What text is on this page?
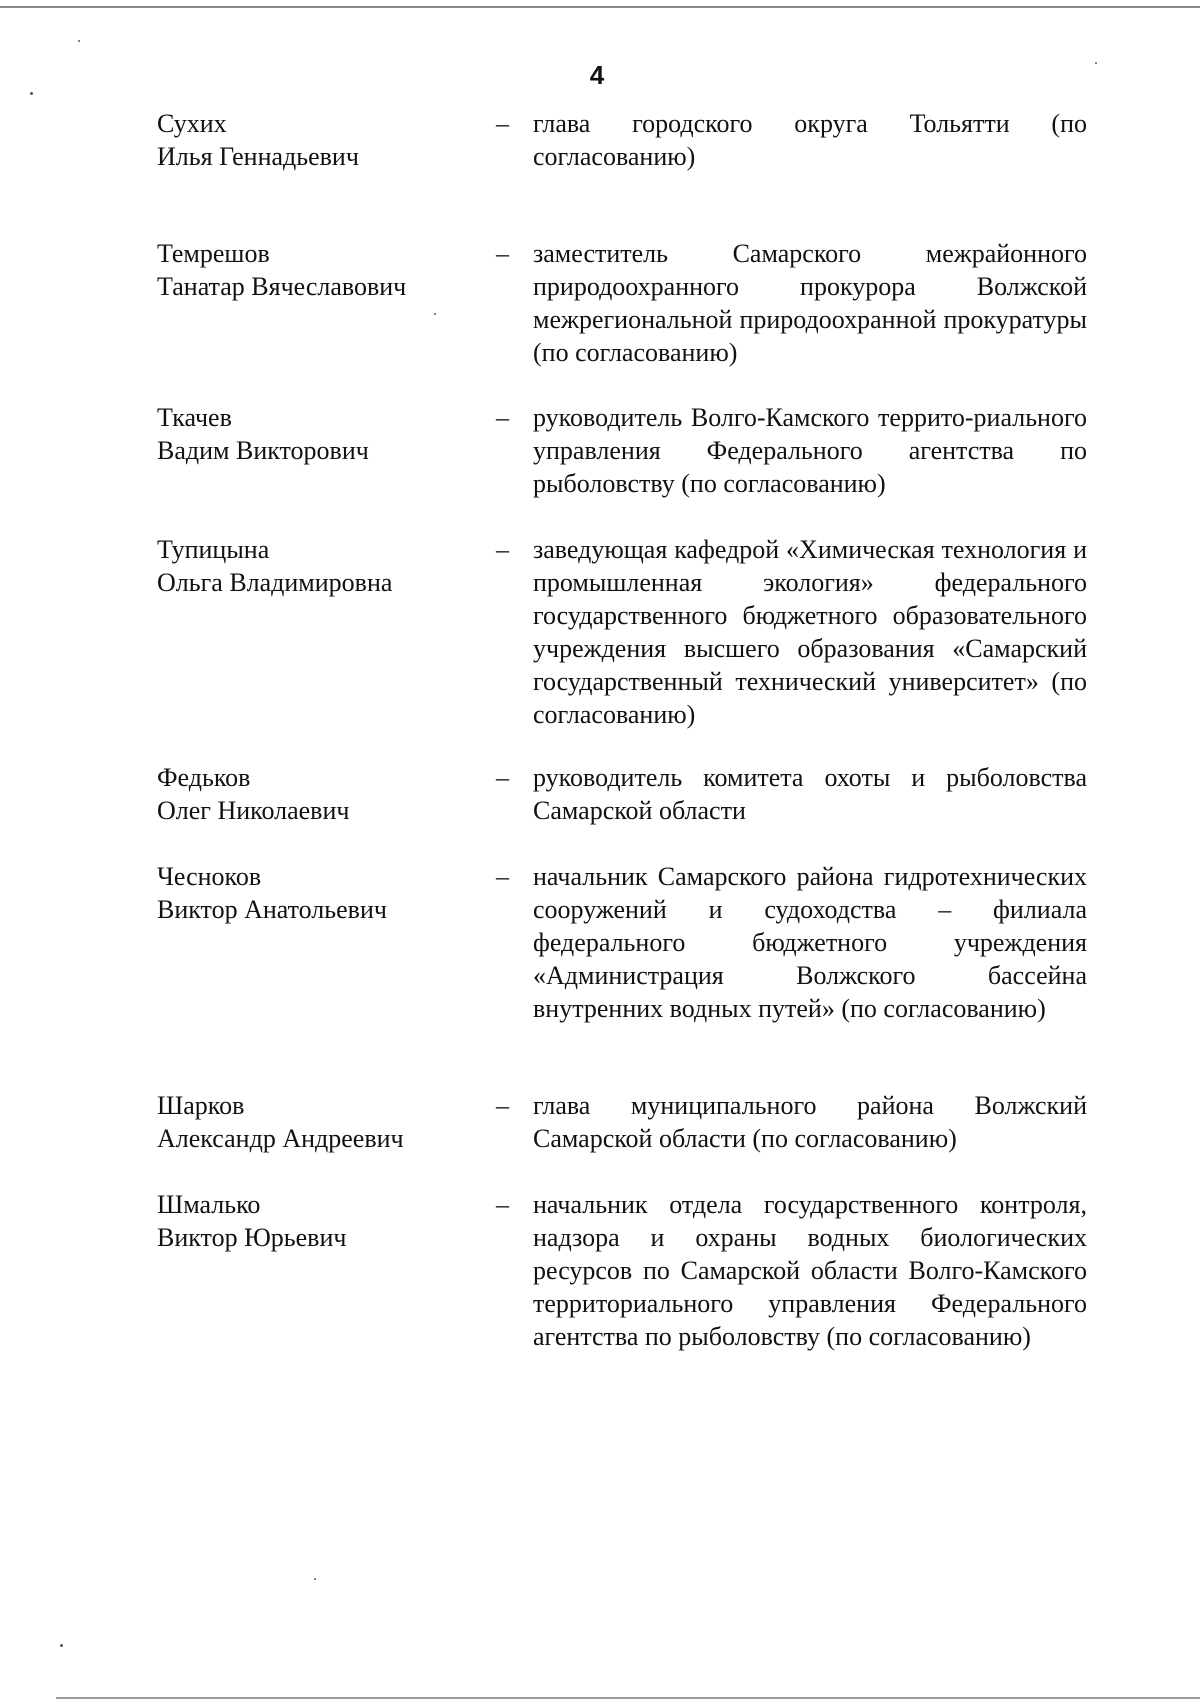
4
Сухих
Илья Геннадьевич
– глава городского округа Тольятти (по согласованию)
Темрешов
Танатар Вячеславович
– заместитель Самарского межрайонного природоохранного прокурора Волжской межрегиональной природоохранной прокуратуры (по согласованию)
Ткачев
Вадим Викторович
– руководитель Волго-Камского террито-риального управления Федерального агентства по рыболовству (по согласованию)
Тупицына
Ольга Владимировна
– заведующая кафедрой «Химическая технология и промышленная экология» федерального государственного бюджетного образовательного учреждения высшего образования «Самарский государственный технический университет» (по согласованию)
Федьков
Олег Николаевич
– руководитель комитета охоты и рыболовства Самарской области
Чесноков
Виктор Анатольевич
– начальник Самарского района гидротехнических сооружений и судоходства – филиала федерального бюджетного учреждения «Администрация Волжского бассейна внутренних водных путей» (по согласованию)
Шарков
Александр Андреевич
– глава муниципального района Волжский Самарской области (по согласованию)
Шмалько
Виктор Юрьевич
– начальник отдела государственного контроля, надзора и охраны водных биологических ресурсов по Самарской области Волго-Камского территориального управления Федерального агентства по рыболовству (по согласованию)
